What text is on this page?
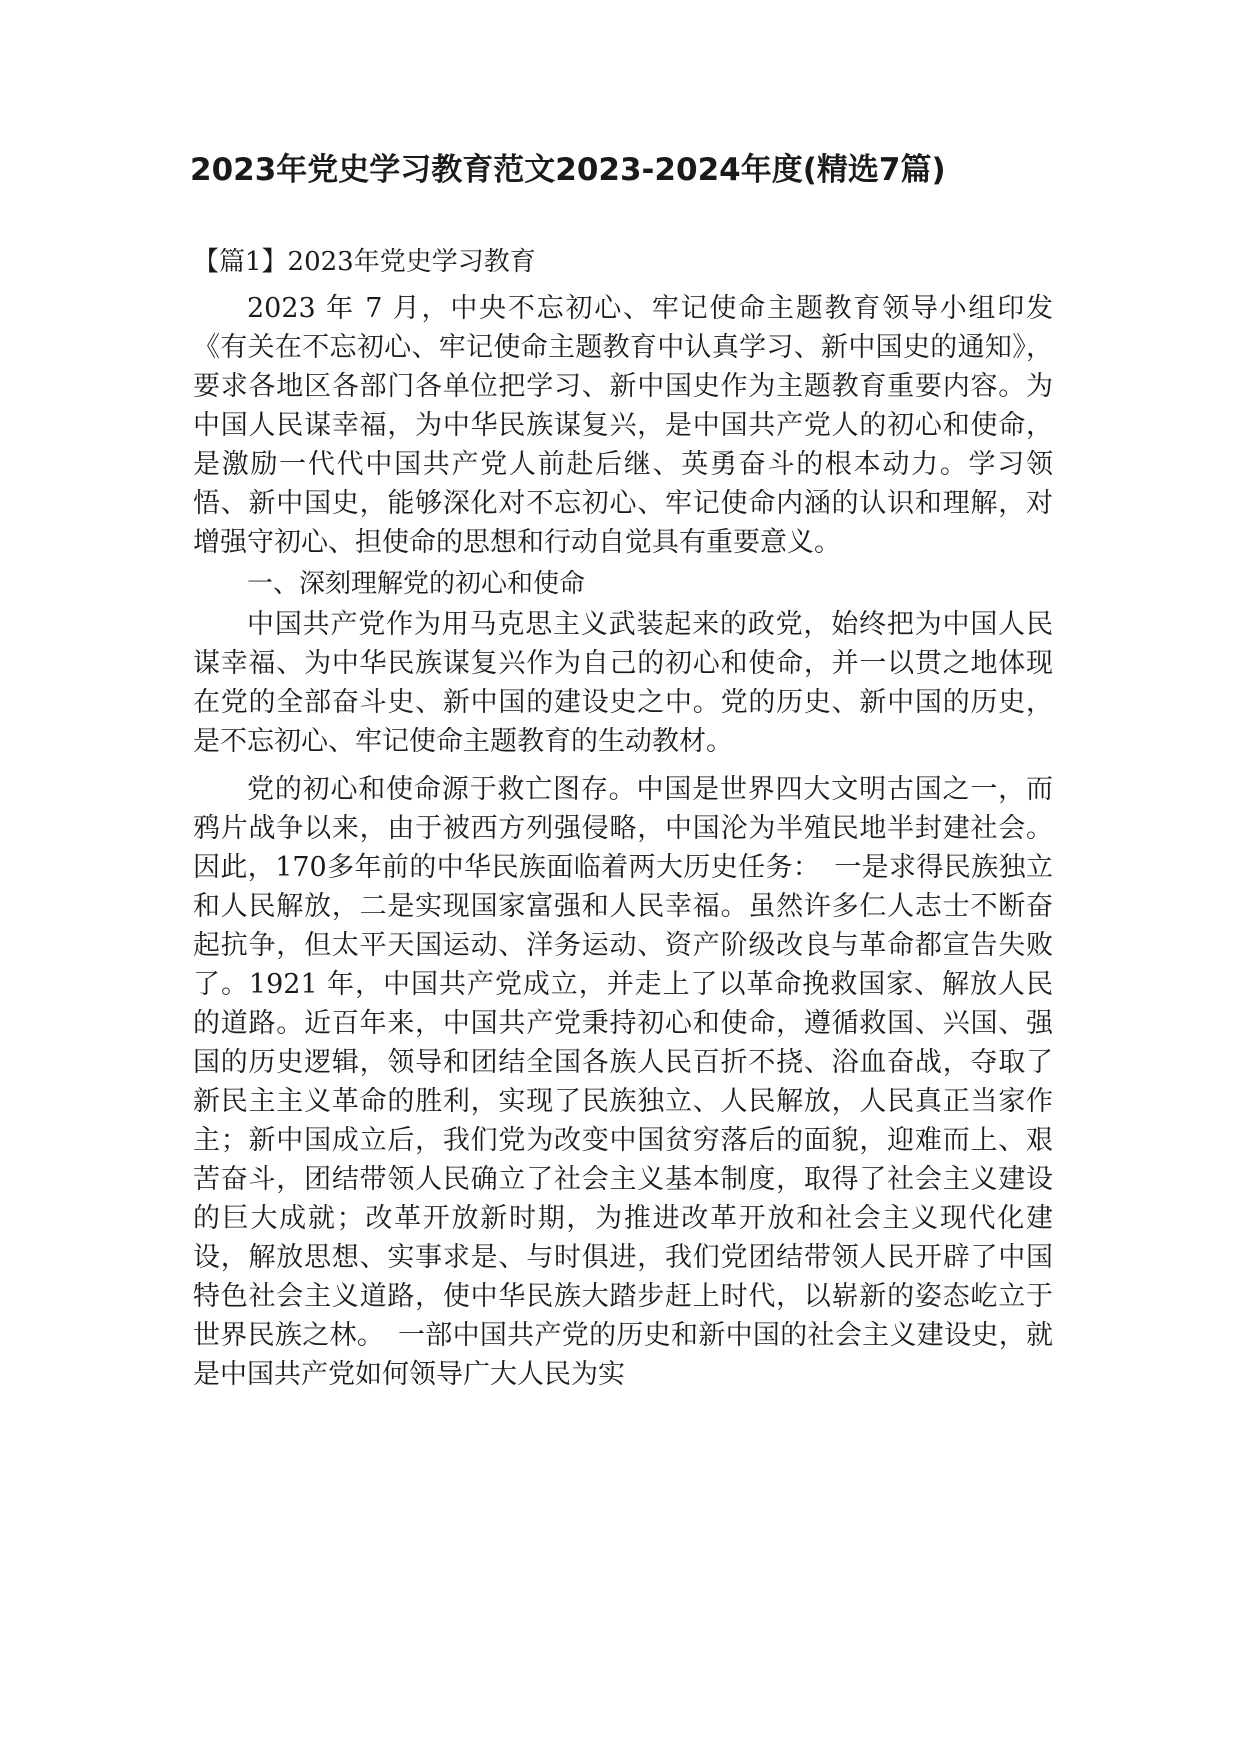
2023年党史学习教育范文2023-2024年度(精选7篇)
【篇1】2023年党史学习教育

2023 年 7 月，中央不忘初心、牢记使命主题教育领导小组印发《有关在不忘初心、牢记使命主题教育中认真学习、新中国史的通知》，要求各地区各部门各单位把学习、新中国史作为主题教育重要内容。为中国人民谋幸福，为中华民族谋复兴，是中国共产党人的初心和使命，是激励一代代中国共产党人前赴后继、英勇奋斗的根本动力。学习领悟、新中国史，能够深化对不忘初心、牢记使命内涵的认识和理解，对增强守初心、担使命的思想和行动自觉具有重要意义。

一、深刻理解党的初心和使命

中国共产党作为用马克思主义武装起来的政党，始终把为中国人民谋幸福、为中华民族谋复兴作为自己的初心和使命，并一以贯之地体现在党的全部奋斗史、新中国的建设史之中。党的历史、新中国的历史，是不忘初心、牢记使命主题教育的生动教材。

党的初心和使命源于救亡图存。中国是世界四大文明古国之一，而鸦片战争以来，由于被西方列强侵略，中国沦为半殖民地半封建社会。因此，170多年前的中华民族面临着两大历史任务：　一是求得民族独立和人民解放，二是实现国家富强和人民幸福。虽然许多仁人志士不断奋起抗争，但太平天国运动、洋务运动、资产阶级改良与革命都宣告失败了。1921 年，中国共产党成立，并走上了以革命挽救国家、解放人民的道路。近百年来，中国共产党秉持初心和使命，遵循救国、兴国、强国的历史逻辑，领导和团结全国各族人民百折不挠、浴血奋战，夺取了新民主主义革命的胜利，实现了民族独立、人民解放，人民真正当家作主；新中国成立后，我们党为改变中国贫穷落后的面貌，迎难而上、艰苦奋斗，团结带领人民确立了社会主义基本制度，取得了社会主义建设的巨大成就；改革开放新时期，为推进改革开放和社会主义现代化建设，解放思想、实事求是、与时俱进，我们党团结带领人民开辟了中国特色社会主义道路，使中华民族大踏步赶上时代，以崭新的姿态屹立于世界民族之林。　一部中国共产党的历史和新中国的社会主义建设史，就是中国共产党如何领导广大人民为实
